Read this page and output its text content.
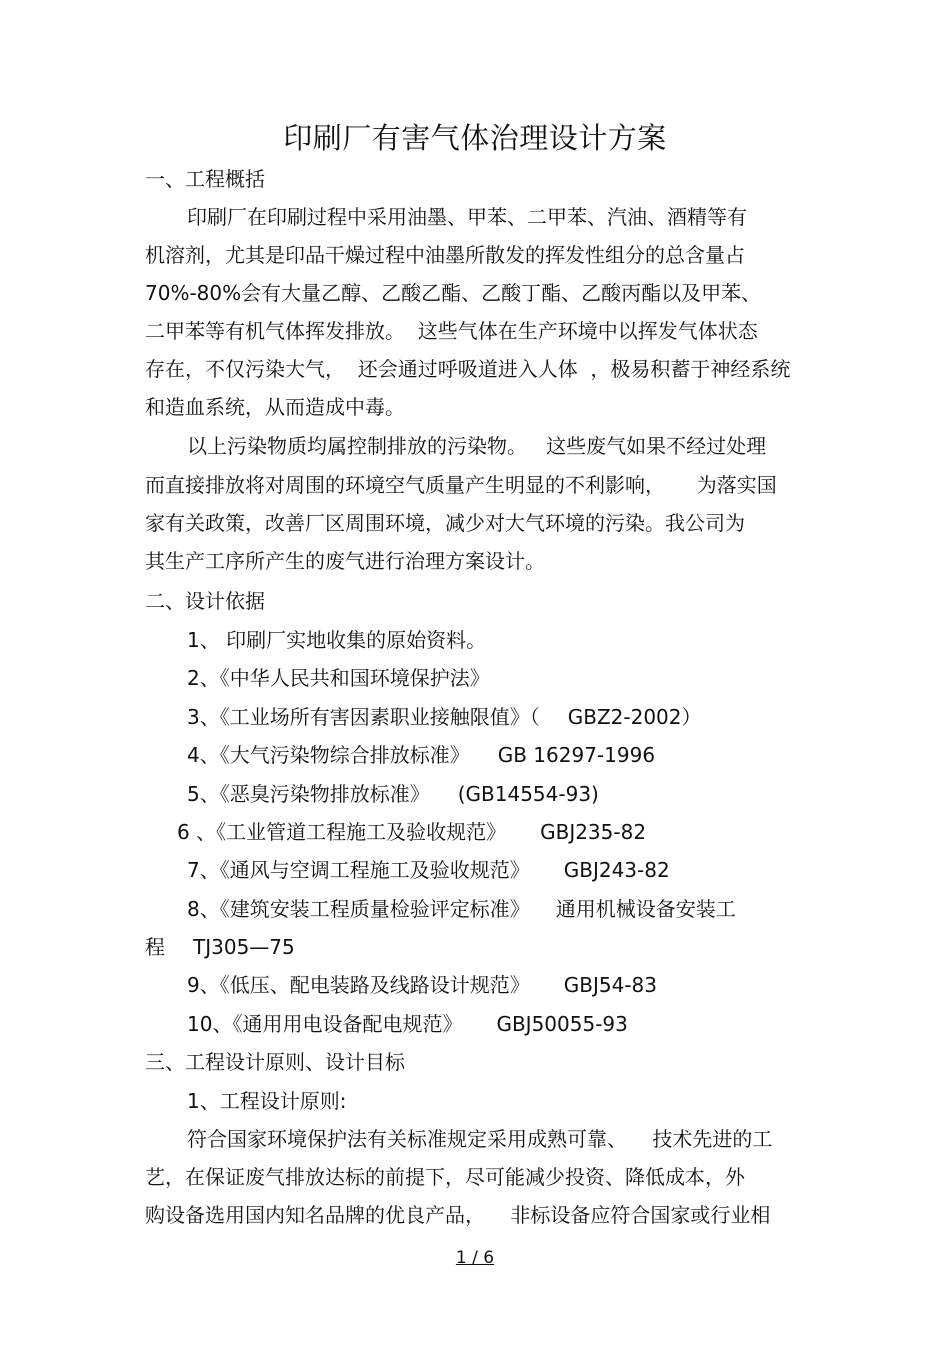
印刷厂有害气体治理设计方案
一、工程概括
印刷厂在印刷过程中采用油墨、甲苯、二甲苯、汽油、酒精等有
机溶剂，尤其是印品干燥过程中油墨所散发的挥发性组分的总含量占
70%-80%会有大量乙醇、乙酸乙酯、乙酸丁酯、乙酸丙酯以及甲苯、
二甲苯等有机气体挥发排放。  这些气体在生产环境中以挥发气体状态
存在，不仅污染大气，  还会通过呼吸道进入人体  ，极易积蓄于神经系统
和造血系统，从而造成中毒。
以上污染物质均属控制排放的污染物。   这些废气如果不经过处理
而直接排放将对周围的环境空气质量产生明显的不利影响，     为落实国
家有关政策，改善厂区周围环境，减少对大气环境的污染。我公司为
其生产工序所产生的废气进行治理方案设计。
二、设计依据
1、 印刷厂实地收集的原始资料。
2、《中华人民共和国环境保护法》
3、《工业场所有害因素职业接触限值》（ GBZ2-2002）
4、《大气污染物综合排放标准》 GB 16297-1996
5、《恶臭污染物排放标准》 (GB14554-93)
6 、《工业管道工程施工及验收规范》 GBJ235-82
7、《通风与空调工程施工及验收规范》 GBJ243-82
8、《建筑安装工程质量检验评定标准》 通用机械设备安装工
程 TJ305—75
9、《低压、配电装路及线路设计规范》 GBJ54-83
10、《通用用电设备配电规范》 GBJ50055-93
三、工程设计原则、设计目标
1、工程设计原则:
符合国家环境保护法有关标准规定采用成熟可靠、    技术先进的工
艺，在保证废气排放达标的前提下，尽可能减少投资、降低成本，外
购设备选用国内知名品牌的优良产品，    非标设备应符合国家或行业相
1 / 6
